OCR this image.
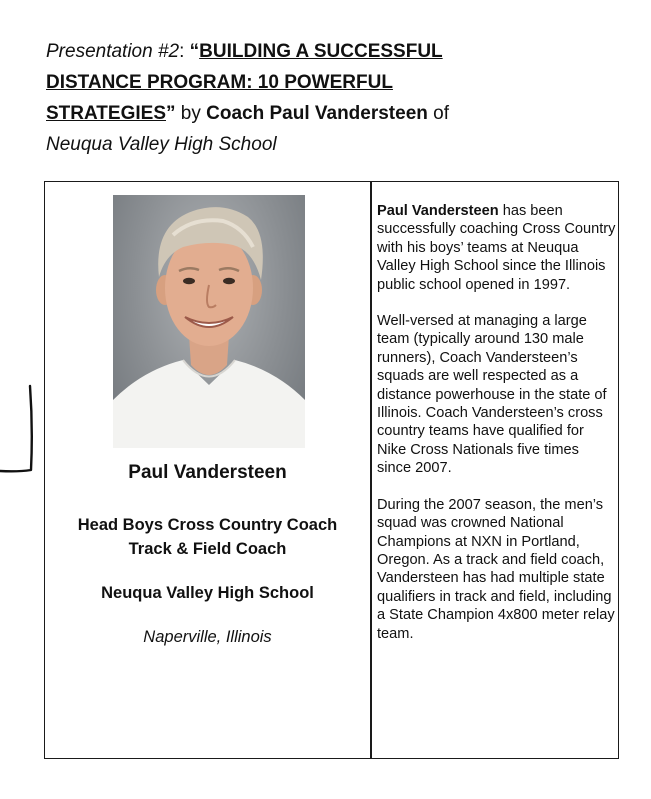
Presentation #2: “BUILDING A SUCCESSFUL
DISTANCE PROGRAM: 10 POWERFUL
STRATEGIES” by Coach Paul Vandersteen of
Neuqua Valley High School
Paul Vandersteen
Head Boys Cross Country Coach
Track & Field Coach
Neuqua Valley High School
Naperville, Illinois

Paul Vandersteen has been successfully coaching Cross Country with his boys’ teams at Neuqua Valley High School since the Illinois public school opened in 1997.

Well-versed at managing a large team (typically around 130 male runners), Coach Vandersteen’s squads are well respected as a distance powerhouse in the state of Illinois. Coach Vandersteen’s cross country teams have qualified for Nike Cross Nationals five times since 2007.

During the 2007 season, the men’s squad was crowned National Champions at NXN in Portland, Oregon. As a track and field coach, Vandersteen has had multiple state qualifiers in track and field, including a State Champion 4x800 meter relay team.
